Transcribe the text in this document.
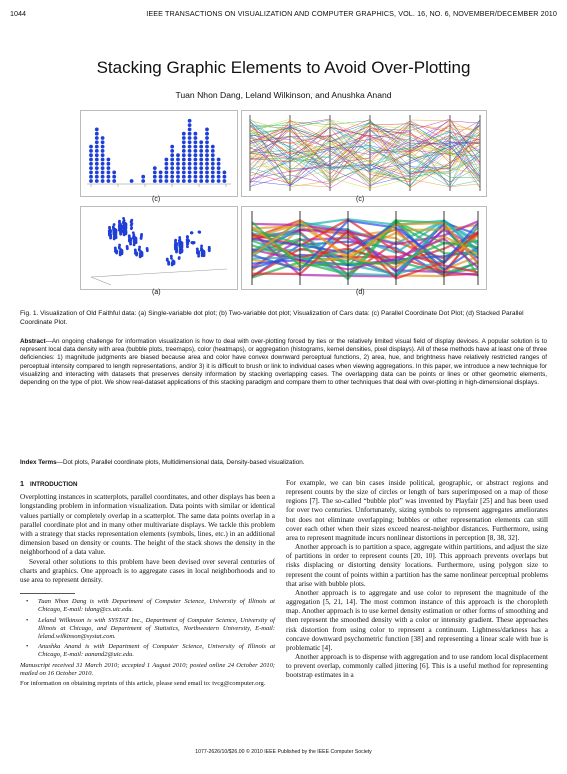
1044	IEEE TRANSACTIONS ON VISUALIZATION AND COMPUTER GRAPHICS, VOL. 16, NO. 6, NOVEMBER/DECEMBER 2010
Stacking Graphic Elements to Avoid Over-Plotting
Tuan Nhon Dang, Leland Wilkinson, and Anushka Anand
(c)	(c)
(a)	(d)
Fig. 1. Visualization of Old Faithful data: (a) Single-variable dot plot; (b) Two-variable dot plot; Visualization of Cars data: (c) Parallel Coordinate Dot Plot; (d) Stacked Parallel Coordinate Plot.
Abstract—An ongoing challenge for information visualization is how to deal with over-plotting forced by ties or the relatively limited visual field of display devices. A popular solution is to represent local data density with area (bubble plots, treemaps), color (heatmaps), or aggregation (histograms, kernel densities, pixel displays). All of these methods have at least one of three deficiencies: 1) magnitude judgments are biased because area and color have convex downward perceptual functions, 2) area, hue, and brightness have relatively restricted ranges of perceptual intensity compared to length representations, and/or 3) it is difficult to brush or link to individual cases when viewing aggregations. In this paper, we introduce a new technique for visualizing and interacting with datasets that preserves density information by stacking overlapping cases. The overlapping data can be points or lines or other geometric elements, depending on the type of plot. We show real-dataset applications of this stacking paradigm and compare them to other techniques that deal with over-plotting in high-dimensional displays.
Index Terms—Dot plots, Parallel coordinate plots, Multidimensional data, Density-based visualization.
1 INTRODUCTION

Overplotting instances in scatterplots, parallel coordinates, and other displays has been a longstanding problem in information visualization. Data points with similar or identical values partially or completely overlap in a scatterplot. The same data points overlap in a parallel coordinate plot and in many other multivariate displays. We tackle this problem with a strategy that stacks representation elements (symbols, lines, etc.) in an additional dimension based on density or counts. The height of the stack shows the density in the neighborhood of a data value.

Several other solutions to this problem have been devised over several centuries of charts and graphics. One approach is to aggregate cases in local neighborhoods and to use area to represent density.

• Tuan Nhon Dang is with Department of Computer Science, University of Illinois at Chicago, E-mail: tdang@cs.uic.edu.
• Leland Wilkinson is with SYSTAT Inc., Department of Computer Science, University of Illinois at Chicago, and Department of Statistics, Northwestern University, E-mail: leland.wilkinson@systat.com.
• Anushka Anand is with Department of Computer Science, University of Illinois at Chicago, E-mail: aanand2@uic.edu.
Manuscript received 31 March 2010; accepted 1 August 2010; posted online 24 October 2010; mailed on 16 October 2010.
For information on obtaining reprints of this article, please send email to: tvcg@computer.org.

For example, we can bin cases inside political, geographic, or abstract regions and represent counts by the size of circles or length of bars superimposed on a map of those regions [7]. The so-called “bubble plot” was invented by Playfair [25] and has been used for over two centuries. Unfortunately, sizing symbols to represent aggregates ameliorates but does not eliminate overlapping; bubbles or other representation elements can still cover each other when their sizes exceed nearest-neighbor distances. Furthermore, using area to represent magnitude incurs nonlinear distortions in perception [8, 38, 32].

Another approach is to partition a space, aggregate within partitions, and adjust the size of partitions in order to represent counts [20, 10]. This approach prevents overlaps but risks displacing or distorting density locations. Furthermore, using polygon size to represent the count of points within a partition has the same nonlinear perceptual problems that arise with bubble plots.

Another approach is to aggregate and use color to represent the magnitude of the aggregation [5, 21, 14]. The most common instance of this approach is the choropleth map. Another approach is to use kernel density estimation or other forms of smoothing and then represent the smoothed density with a color or intensity gradient. These approaches risk distortion from using color to represent a continuum. Lightness/darkness has a concave downward psychometric function [38] and representing a linear scale with hue is problematic [4].

Another approach is to dispense with aggregation and to use random local displacement to prevent overlap, commonly called jittering [6]. This is a useful method for representing bootstrap estimates in a

1077-2626/10/$26.00 © 2010 IEEE Published by the IEEE Computer Society
